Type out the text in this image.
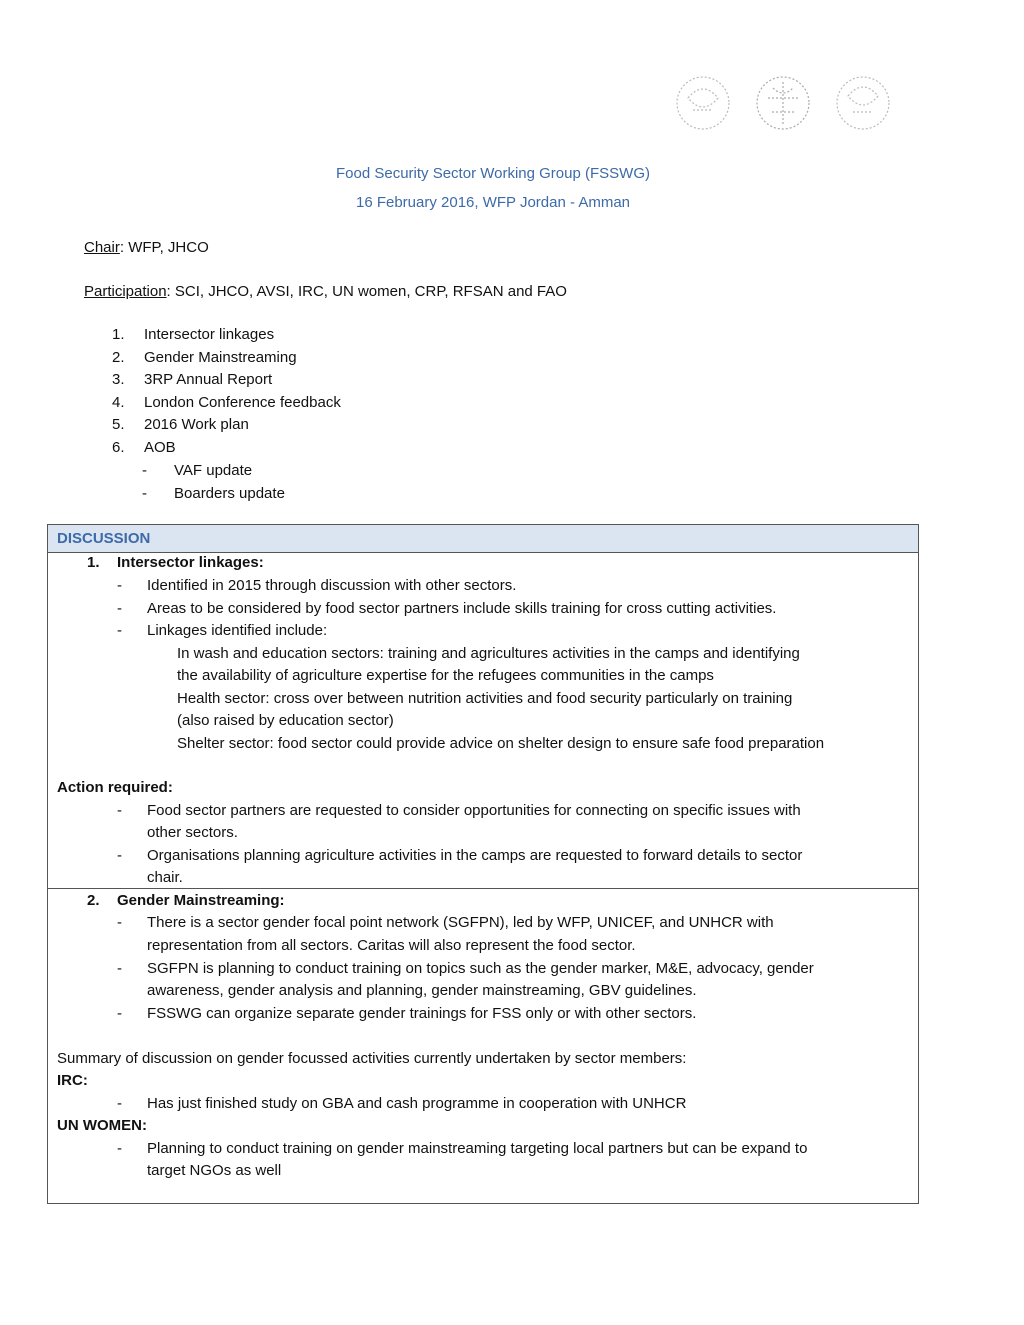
Food Security Sector Working Group (FSSWG)
16 February 2016, WFP Jordan - Amman
Chair: WFP, JHCO
Participation: SCI, JHCO, AVSI, IRC, UN women, CRP, RFSAN and FAO
1.	Intersector linkages
2.	Gender Mainstreaming
3.	3RP Annual Report
4.	London Conference feedback
5.	2016 Work plan
6.	AOB
-	VAF update
-	Boarders update
DISCUSSION
1. Intersector linkages:
- Identified in 2015 through discussion with other sectors.
- Areas to be considered by food sector partners include skills training for cross cutting activities.
- Linkages identified include:
In wash and education sectors: training and agricultures activities in the camps and identifying
the availability of agriculture expertise for the refugees communities in the camps
Health sector: cross over between nutrition activities and food security particularly on training
(also raised by education sector)
Shelter sector: food sector could provide advice on shelter design to ensure safe food preparation
Action required:
- Food sector partners are requested to consider opportunities for connecting on specific issues with
other sectors.
- Organisations planning agriculture activities in the camps are requested to forward details to sector
chair.
2. Gender Mainstreaming:
- There is a sector gender focal point network (SGFPN), led by WFP, UNICEF, and UNHCR with
representation from all sectors. Caritas will also represent the food sector.
- SGFPN is planning to conduct training on topics such as the gender marker, M&E, advocacy, gender
awareness, gender analysis and planning, gender mainstreaming, GBV guidelines.
- FSSWG can organize separate gender trainings for FSS only or with other sectors.
Summary of discussion on gender focussed activities currently undertaken by sector members:
IRC:
- Has just finished study on GBA and cash programme in cooperation with UNHCR
UN WOMEN:
- Planning to conduct training on gender mainstreaming targeting local partners but can be expand to
target NGOs as well
